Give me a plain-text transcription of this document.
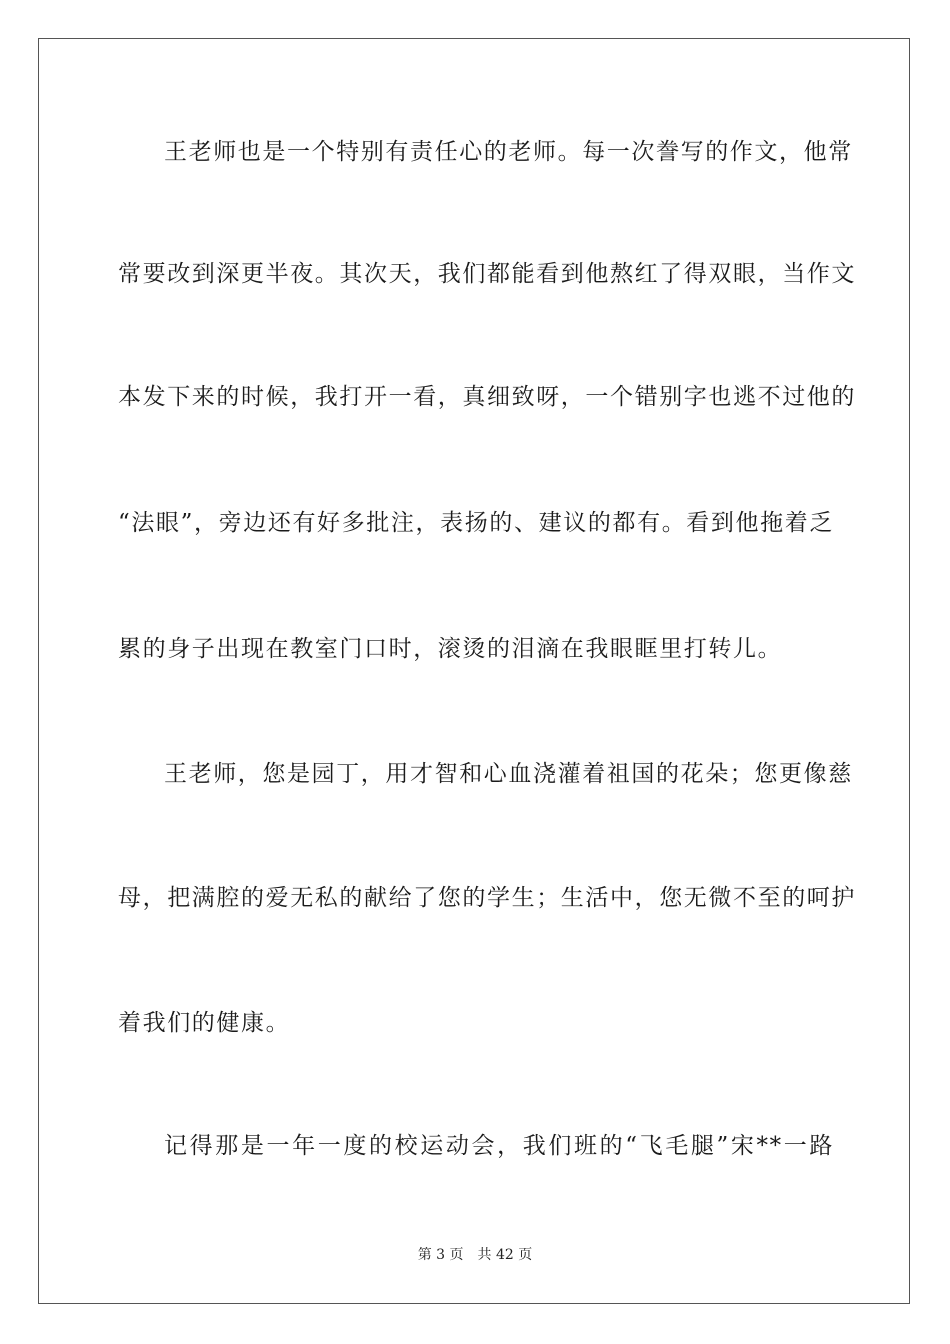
王老师也是一个特别有责任心的老师。每一次誊写的作文，他常
常要改到深更半夜。其次天，我们都能看到他熬红了得双眼，当作文
本发下来的时候，我打开一看，真细致呀，一个错别字也逃不过他的
“法眼”，旁边还有好多批注，表扬的、建议的都有。看到他拖着乏
累的身子出现在教室门口时，滚烫的泪滴在我眼眶里打转儿。
王老师，您是园丁，用才智和心血浇灌着祖国的花朵；您更像慈
母，把满腔的爱无私的献给了您的学生；生活中，您无微不至的呵护
着我们的健康。
记得那是一年一度的校运动会，我们班的“飞毛腿”宋**一路
第 3 页 共 42 页
